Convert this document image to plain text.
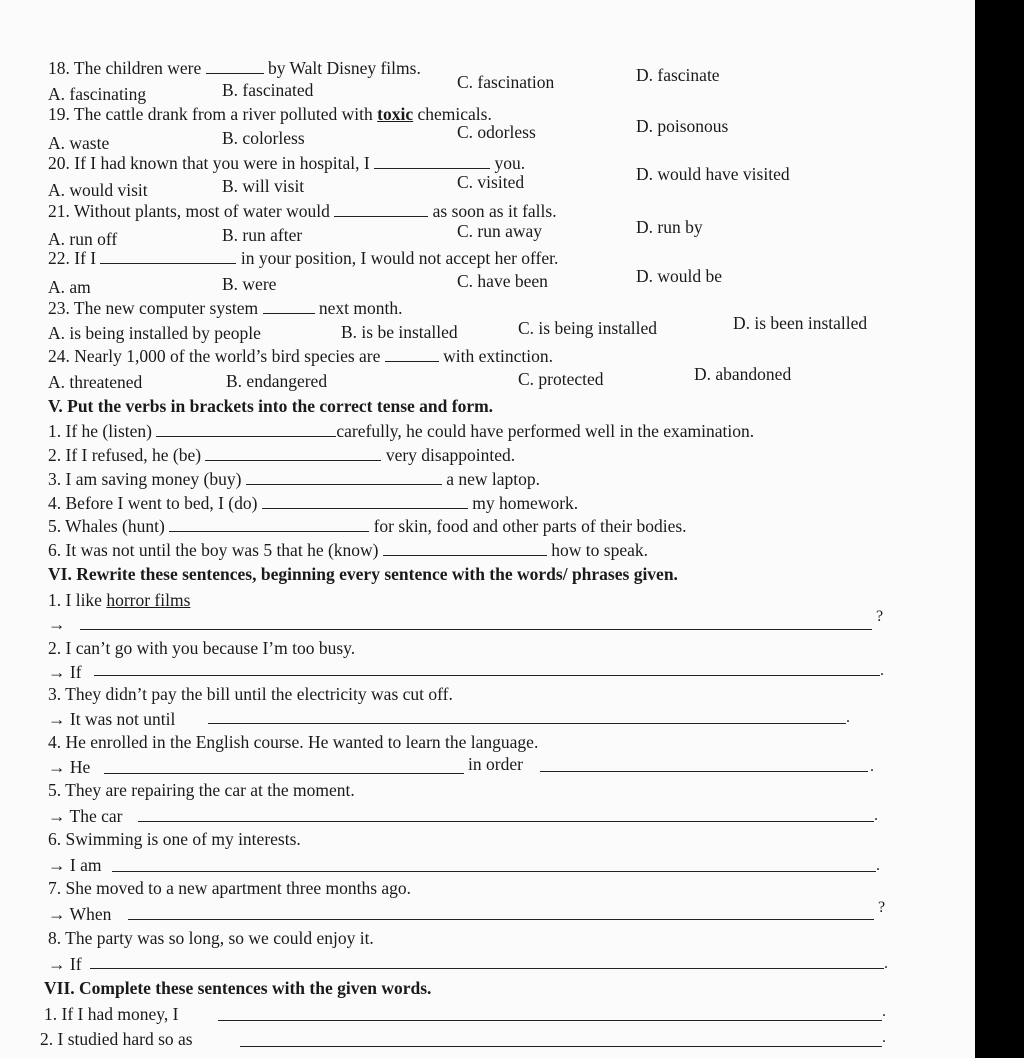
18. The children were	by Walt Disney films.
A. fascinating	B. fascinated	C. fascination	D. fascinate
19. The cattle drank from a river polluted with toxic chemicals.
A. waste	B. colorless	C. odorless	D. poisonous
20. If I had known that you were in hospital, I	you.
A. would visit	B. will visit	C. visited	D. would have visited
21. Without plants, most of water would	as soon as it falls.
A. run off	B. run after	C. run away	D. run by
22. If I	in your position, I would not accept her offer.
A. am	B. were	C. have been	D. would be
23. The new computer system	next month.
A. is being installed by people	B. is be installed	C. is being installed	D. is been installed
24. Nearly 1,000 of the world’s bird species are	with extinction.
A. threatened	B. endangered	C. protected	D. abandoned
V. Put the verbs in brackets into the correct tense and form.
1. If he (listen)	carefully, he could have performed well in the examination.
2. If I refused, he (be)	very disappointed.
3. I am saving money (buy)	a new laptop.
4. Before I went to bed, I (do)	my homework.
5. Whales (hunt)	for skin, food and other parts of their bodies.
6. It was not until the boy was 5 that he (know)	how to speak.
VI. Rewrite these sentences, beginning every sentence with the words/ phrases given.
1. I like horror films
→	?
2. I can’t go with you because I’m too busy.
→ If	.
3. They didn’t pay the bill until the electricity was cut off.
→ It was not until	.
4. He enrolled in the English course. He wanted to learn the language.
→ He	in order	.
5. They are repairing the car at the moment.
→ The car	.
6. Swimming is one of my interests.
→ I am	.
7. She moved to a new apartment three months ago.
→ When	?
8. The party was so long, so we could enjoy it.
→ If	.
VII. Complete these sentences with the given words.
1. If I had money, I	.
2. I studied hard so as	.
